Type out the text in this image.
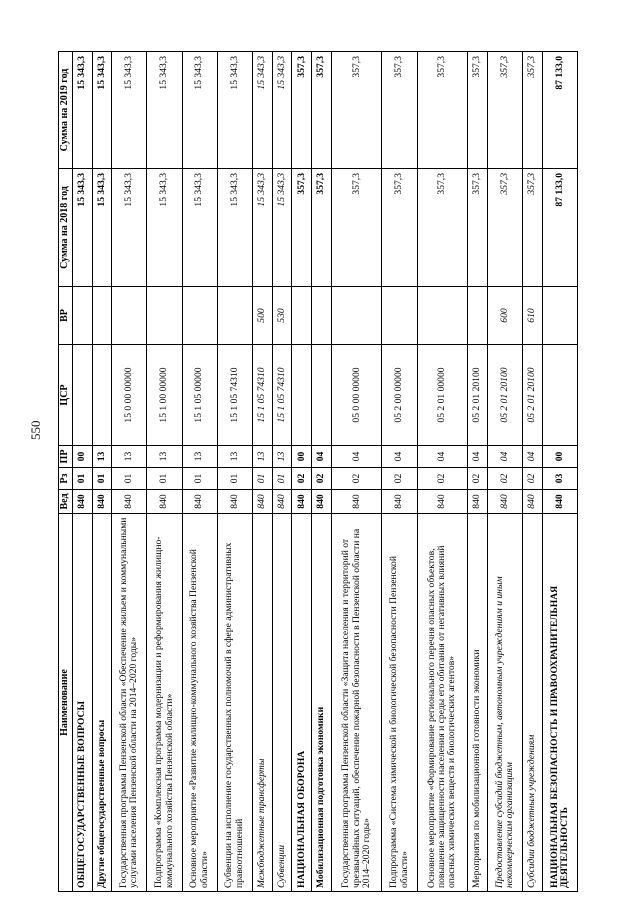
550
Наименование	Вед	Рз	ПР	ЦСР	ВР	Сумма на 2018 год	Сумма на 2019 год
ОБЩЕГОСУДАРСТВЕННЫЕ ВОПРОСЫ	840	01	00			15 343,3	15 343,3
Другие общегосударственные вопросы	840	01	13			15 343,3	15 343,3
Государственная программа Пензенской области «Обеспечение жильем и коммунальными услугами населения Пензенской области на 2014–2020 годы»	840	01	13	15 0 00 00000		15 343,3	15 343,3
Подпрограмма «Комплексная программа модернизации и реформирования жилищно-коммунального хозяйства Пензенской области»	840	01	13	15 1 00 00000		15 343,3	15 343,3
Основное мероприятие «Развитие жилищно-коммунального хозяйства Пензенской области»	840	01	13	15 1 05 00000		15 343,3	15 343,3
Субвенции на исполнение государственных полномочий в сфере административных правоотношений	840	01	13	15 1 05 74310		15 343,3	15 343,3
Межбюджетные трансферты	840	01	13	15 1 05 74310	500	15 343,3	15 343,3
Субвенции	840	01	13	15 1 05 74310	530	15 343,3	15 343,3
НАЦИОНАЛЬНАЯ ОБОРОНА	840	02	00			357,3	357,3
Мобилизационная подготовка экономики	840	02	04			357,3	357,3
Государственная программа Пензенской области «Защита населения и территорий от чрезвычайных ситуаций, обеспечение пожарной безопасности в Пензенской области на 2014–2020 годы»	840	02	04	05 0 00 00000		357,3	357,3
Подпрограмма «Система химической и биологической безопасности Пензенской области»	840	02	04	05 2 00 00000		357,3	357,3
Основное мероприятие «Формирование регионального перечня опасных объектов, повышение защищенности населения и среды его обитания от негативных влияний опасных химических веществ и биологических агентов»	840	02	04	05 2 01 00000		357,3	357,3
Мероприятия по мобилизационной готовности экономики	840	02	04	05 2 01 20100		357,3	357,3
Предоставление субсидий бюджетным, автономным учреждениям и иным некоммерческим организациям	840	02	04	05 2 01 20100	600	357,3	357,3
Субсидии бюджетным учреждениям	840	02	04	05 2 01 20100	610	357,3	357,3
НАЦИОНАЛЬНАЯ БЕЗОПАСНОСТЬ И ПРАВООХРАНИТЕЛЬНАЯ ДЕЯТЕЛЬНОСТЬ	840	03	00			87 133,0	87 133,0
